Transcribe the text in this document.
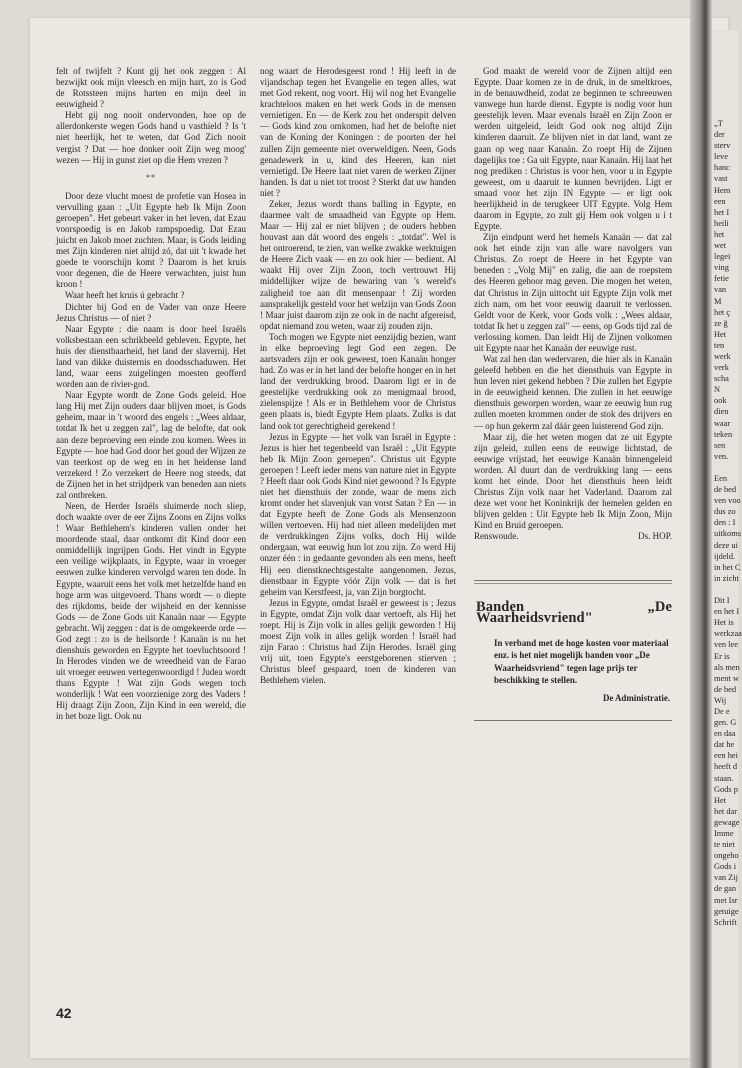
„T
der
sterv
leve
hanc
vast
Hem
een
het I
heili
het
wet
legei
ving
fetie
van
M
het ç
ze ğ
Het
ten
werk
verk
scha
N
ook
dien
waar
teken
sen
ven.

Een
de bed
ven voo
dus zo
den : I
uitkoms
deze ui
ijdeld.
in het C
in zicht

Dit I
en het I
Het is
werkzaa
ven lee
Er is
als men
ment w
de bed
Wij
De e
gen. G
en daa
dat he
een hei
heeft d
staan.
Gods p
Het
het dar
gewage
Imme
te niet
ongeho
Gods i
van Zij
de gan
met Isr
getuige
Schrift

felt of twijfelt ? Kunt gij het ook zeggen : Al bezwijkt ook mijn vleesch en mijn hart, zo is God de Rotssteen mijns harten en mijn deel in eeuwigheid ?

Hebt gij nog nooit ondervonden, hoe op de allerdonkerste wegen Gods hand u vasthield ? Is 't niet heerlijk, het te weten, dat God Zich nooit vergist ? Dat — hoe donker ooit Zijn weg moog' wezen — Hij in gunst ziet op die Hem vrezen ?

**

Door deze vlucht moest de profetie van Hosea in vervulling gaan : „Uit Egypte heb Ik Mijn Zoon geroepen". Het gebeurt vaker in het leven, dat Ezau voorspoedig is en Jakob rampspoedig. Dat Ezau juicht en Jakob moet zuchten. Maar, is Gods leiding met Zijn kinderen niet altijd zó, dat uit 't kwade het goede te voorschijn komt ? Daarom is het kruis voor degenen, die de Heere verwachten, juist hun kroon !

Waar heeft het kruis ú gebracht ?

Dichter bij God en de Vader van onze Heere Jezus Christus — of niet ?

Naar Egypte : die naam is door heel Israëls volksbestaan een schrikbeeld gebleven. Egypte, het huis der dienstbaarheid, het land der slavernij. Het land van dikke duisternis en doodsschaduwen. Het land, waar eens zuigelingen moesten geofferd worden aan de rivier-god.

Naar Egypte wordt de Zone Gods geleid. Hoe lang Hij met Zijn ouders daar blijven moet, is Gods geheim, maar in 't woord des engels : „Wees aldaar, totdat Ik het u zeggen zal", lag de belofte, dat ook aan deze beproeving een einde zou komen. Wees in Egypte — hoe had God door het goud der Wijzen ze van teerkost op de weg en in het heidense land verzekerd ! Zo verzekert de Heere nog steeds, dat de Zijnen het in het strijdperk van beneden aan niets zal ontbreken.

Neen, de Herder Israëls sluimerde noch sliep, doch waakte over de eer Zijns Zoons en Zijns volks ! Waar Bethlehem's kinderen vallen onder het moordende staal, daar ontkomt dit Kind door een onmiddellijk ingrijpen Gods. Het vindt in Egypte een veilige wijkplaats, in Egypte, waar in vroeger eeuwen zulke kinderen vervolgd waren ten dode. In Egypte, waaruit eens het volk met hetzelfde hand en hoge arm was uitgevoerd. Thans wordt — o diepte des rijkdoms, beide der wijsheid en der kennisse Gods — de Zone Gods uit Kanaän naar — Egypte gebracht. Wij zeggen : dat is de omgekeerde orde — God zegt : zo is de heilsorde ! Kanaän is nu het dienshuis geworden en Egypte het toevluchtsoord ! In Herodes vinden we de wreedheid van de Farao uit vroeger eeuwen vertegenwoordigd ! Judea wordt thans Egypte ! Wat zijn Gods wegen toch wonderlijk ! Wat een voorzienige zorg des Vaders ! Hij draagt Zijn Zoon, Zijn Kind in een wereld, die in het boze ligt. Ook nu

nog waart de Herodesgeest rond ! Hij leeft in de vijandschap tegen het Evangelie en tegen alles, wat met God rekent, nog voort. Hij wil nog het Evangelie krachteloos maken en het werk Gods in de mensen vernietigen. En — de Kerk zou het onderspit delven — Gods kind zou omkomen, had het de belofte niet van de Koning der Koningen : de poorten der hel zullen Zijn gemeente niet overweldigen. Neen, Gods genadewerk in u, kind des Heeren, kan niet vernietigd. De Heere laat niet varen de werken Zijner handen. Is dat u niet tot troost ? Sterkt dat uw handen niet ?

Zeker, Jezus wordt thans balling in Egypte, en daarmee valt de smaadheid van Egypte op Hem. Maar — Hij zal er niet blijven ; de ouders hebben houvast aan dát woord des engels : „totdat". Wel is het ontroerend, te zien, van welke zwakke werktuigen de Heere Zich vaak — en zo ook hier — bedient. Al waakt Hij over Zijn Zoon, toch vertrouwt Hij middellijker wijze de bewaring van 's wereld's zaligheid toe aan dit mensenpaar ! Zij worden aansprakelijk gesteld voor het welzijn van Gods Zoon ! Maar juist daarom zijn ze ook in de nacht afgereisd, opdat niemand zou weten, waar zij zouden zijn.

Toch mogen we Egypte niet eenzijdig bezien, want in elke beproeving legt God een zegen. De aartsvaders zijn er ook geweest, toen Kanaän honger had. Zo was er in het land der belofte honger en in het land der verdrukking brood. Daarom ligt er in de geestelijke verdrukking ook zo menigmaal brood, zielenspijze ! Als er in Bethlehem voor de Christus geen plaats is, biedt Egypte Hem plaats. Zulks is dat land ook tot gerechtigheid gerekend !

Jezus in Egypte — het volk van Israël in Egypte : Jezus is hier het tegenbeeld van Israël : „Uit Egypte heb Ik Mijn Zoon geroepen". Christus uit Egypte geroepen ! Leeft ieder mens van nature niet in Egypte ? Heeft daar ook Gods Kind niet gewoond ? Is Egypte niet het diensthuis der zonde, waar de mens zich kromt onder het slavenjuk van vorst Satan ? En — in dat Egypte heeft de Zone Gods als Mensenzoon willen vertoeven. Hij had niet alleen medelijden met de verdrukkingen Zijns volks, doch Hij wilde ondergaan, wat eeuwig hun lot zou zijn. Zo werd Hij onzer één : in gedaante gevonden als een mens, heeft Hij een dienstknechtsgestalte aangenomen. Jezus, dienstbaar in Egypte vóór Zijn volk — dat is het geheim van Kerstfeest, ja, van Zijn borgtocht.

Jezus in Egypte, omdat Israël er geweest is ; Jezus in Egypte, omdat Zijn volk daar vertoeft, als Hij het roept. Hij is Zijn volk in alles gelijk geworden ! Hij moest Zijn volk in alles gelijk worden ! Israël had zijn Farao : Christus had Zijn Herodes. Israël ging vrij uit, toen Egypte's eerstgeborenen stierven ; Christus bleef gespaard, toen de kinderen van Bethlehem vielen.

God maakt de wereld voor de Zijnen altijd een Egypte. Daar komen ze in de druk, in de smeltkroes, in de benauwdheid, zodat ze beginnen te schreeuwen vanwege hun harde dienst. Egypte is nodig voor hun geestelijk leven. Maar evenals Israël en Zijn Zoon er werden uitgeleid, leidt God ook nog altijd Zijn kinderen daaruit. Ze blijven niet in dat land, want ze gaan op weg naar Kanaän. Zo roept Hij de Zijnen dagelijks toe : Ga uit Egypte, naar Kanaän. Hij laat het nog prediken : Christus is voor hen, voor u in Egypte geweest, om u daaruit te kunnen bevrijden. Ligt er smaad voor het zijn IN Egypte — er ligt ook heerlijkheid in de terugkeer UIT Egypte. Volg Hem daarom in Egypte, zo zult gij Hem ook volgen u i t Egypte.

Zijn eindpunt werd het hemels Kanaän — dat zal ook het einde zijn van alle ware navolgers van Christus. Zo roept de Heere in het Egypte van beneden : „Volg Mij" en zalig, die aan de roepstem des Heeren gehoor mag geven. Die mogen het weten, dat Christus in Zijn uittocht uit Egypte Zijn volk met zich nam, om het voor eeuwig daaruit te verlossen. Geldt voor de Kerk, voor Gods volk : „Wees aldaar, totdat Ik het u zeggen zal" — eens, op Gods tijd zal de verlossing komen. Dan leidt Hij de Zijnen volkomen uit Egypte naar het Kanaän der eeuwige rust.

Wat zal hen dan wedervaren, die hier als in Kanaän geleefd hebben en die het diensthuis van Egypte in hun leven niet gekend hebben ? Die zullen het Egypte in de eeuwigheid kennen. Die zullen in het eeuwige diensthuis geworpen worden, waar ze eeuwig hun rug zullen moeten krommen onder de stok des drijvers en — op hun gekerm zal dáár geen luisterend God zijn.

Maar zij, die het weten mogen dat ze uit Egypte zijn geleid, zullen eens de eeuwige lichtstad, de eeuwige vrijstad, het eeuwige Kanaän binnengeleid worden. Al duurt dan de verdrukking lang — eens komt het einde. Door het diensthuis heen leidt Christus Zijn volk naar het Vaderland. Daarom zal deze wet voor het Koninkrijk der hemelen gelden en blijven gelden : Uit Egypte heb Ik Mijn Zoon, Mijn Kind en Bruid geroepen.

Renswoude.	Ds. HOP.
Banden „De Waarheidsvriend"
In verband met de hoge kosten voor materiaal enz. is het niet mogelijk banden voor „De Waarheidsvriend" tegen lage prijs ter beschikking te stellen.
De Administratie.
42
